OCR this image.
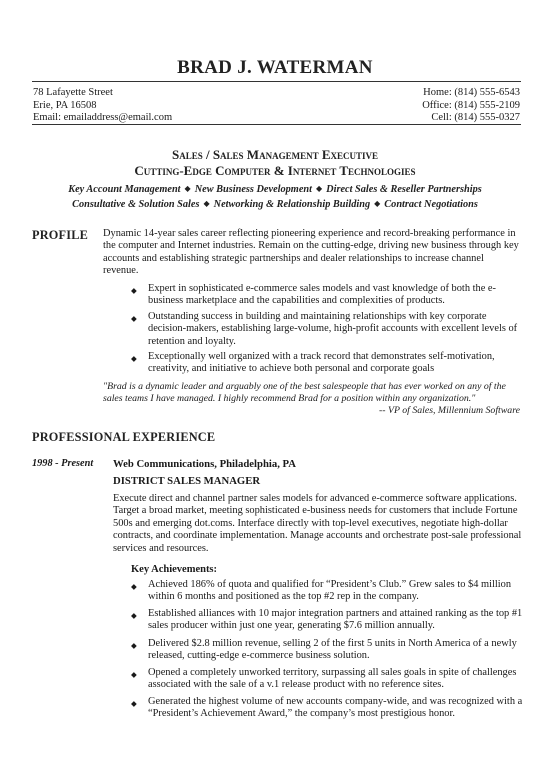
BRAD J. WATERMAN
78 Lafayette Street
Erie, PA 16508
Email: emailaddress@email.com
Home: (814) 555-6543
Office: (814) 555-2109
Cell: (814) 555-0327
Sales / Sales Management Executive
Cutting-Edge Computer & Internet Technologies
Key Account Management ◆ New Business Development ◆ Direct Sales & Reseller Partnerships
Consultative & Solution Sales ◆ Networking & Relationship Building ◆ Contract Negotiations
PROFILE Dynamic 14-year sales career reflecting pioneering experience and record-breaking performance in the computer and Internet industries. Remain on the cutting-edge, driving new business through key accounts and establishing strategic partnerships and dealer relationships to increase channel revenue.
◆ Expert in sophisticated e-commerce sales models and vast knowledge of both the e-business marketplace and the capabilities and complexities of products.
◆ Outstanding success in building and maintaining relationships with key corporate decision-makers, establishing large-volume, high-profit accounts with excellent levels of retention and loyalty.
◆ Exceptionally well organized with a track record that demonstrates self-motivation, creativity, and initiative to achieve both personal and corporate goals
"Brad is a dynamic leader and arguably one of the best salespeople that has ever worked on any of the sales teams I have managed. I highly recommend Brad for a position within any organization."
-- VP of Sales, Millennium Software
PROFESSIONAL EXPERIENCE
1998 - Present Web Communications, Philadelphia, PA
DISTRICT SALES MANAGER
Execute direct and channel partner sales models for advanced e-commerce software applications. Target a broad market, meeting sophisticated e-business needs for customers that include Fortune 500s and emerging dot.coms. Interface directly with top-level executives, negotiate high-dollar contracts, and coordinate implementation. Manage accounts and orchestrate post-sale professional services and resources.
Key Achievements:
◆ Achieved 186% of quota and qualified for “President’s Club.” Grew sales to $4 million within 6 months and positioned as the top #2 rep in the company.
◆ Established alliances with 10 major integration partners and attained ranking as the top #1 sales producer within just one year, generating $7.6 million annually.
◆ Delivered $2.8 million revenue, selling 2 of the first 5 units in North America of a newly released, cutting-edge e-commerce business solution.
◆ Opened a completely unworked territory, surpassing all sales goals in spite of challenges associated with the sale of a v.1 release product with no reference sites.
◆ Generated the highest volume of new accounts company-wide, and was recognized with a “President’s Achievement Award,” the company’s most prestigious honor.
